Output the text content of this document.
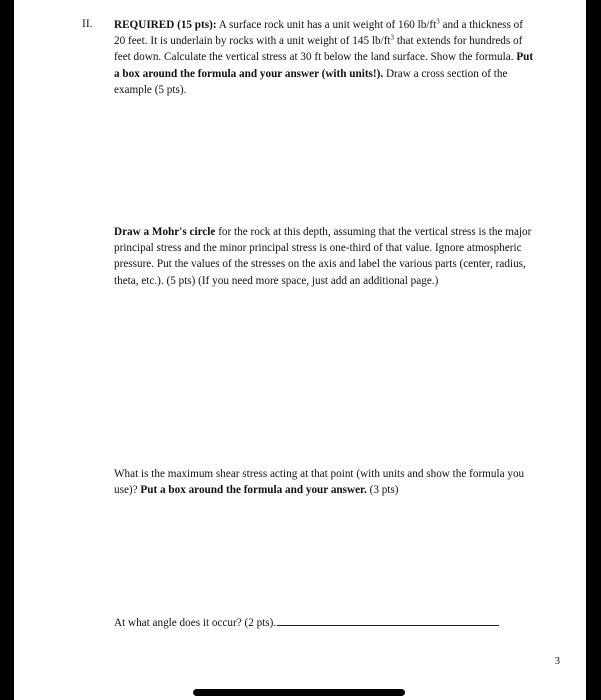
II. REQUIRED (15 pts): A surface rock unit has a unit weight of 160 $lb/ft^3$ and a thickness of 20 feet. It is underlain by rocks with a unit weight of 145 $lb/ft^3$ that extends for hundreds of feet down. Calculate the vertical stress at 30 ft below the land surface. Show the formula. Put a box around the formula and your answer (with units!). Draw a cross section of the example (5 pts).
Draw a Mohr's circle for the rock at this depth, assuming that the vertical stress is the major principal stress and the minor principal stress is one-third of that value. Ignore atmospheric pressure. Put the values of the stresses on the axis and label the various parts (center, radius, theta, etc.). (5 pts) (If you need more space, just add an additional page.)
What is the maximum shear stress acting at that point (with units and show the formula you use)? Put a box around the formula and your answer. (3 pts)
At what angle does it occur? (2 pts).
3
